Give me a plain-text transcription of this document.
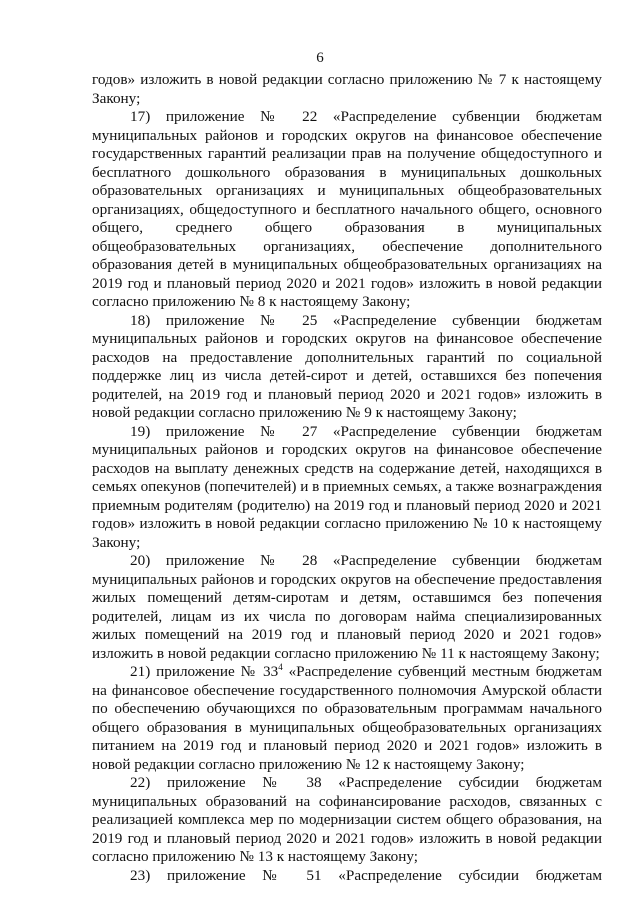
6

годов» изложить в новой редакции согласно приложению № 7 к настоящему Закону;

17) приложение № 22 «Распределение субвенции бюджетам муниципальных районов и городских округов на финансовое обеспечение государственных гарантий реализации прав на получение общедоступного и бесплатного дошкольного образования в муниципальных дошкольных образовательных организациях и муниципальных общеобразовательных организациях, общедоступного и бесплатного начального общего, основного общего, среднего общего образования в муниципальных общеобразовательных организациях, обеспечение дополнительного образования детей в муниципальных общеобразовательных организациях на 2019 год и плановый период 2020 и 2021 годов» изложить в новой редакции согласно приложению № 8 к настоящему Закону;

18) приложение № 25 «Распределение субвенции бюджетам муниципальных районов и городских округов на финансовое обеспечение расходов на предоставление дополнительных гарантий по социальной поддержке лиц из числа детей-сирот и детей, оставшихся без попечения родителей, на 2019 год и плановый период 2020 и 2021 годов» изложить в новой редакции согласно приложению № 9 к настоящему Закону;

19) приложение № 27 «Распределение субвенции бюджетам муниципальных районов и городских округов на финансовое обеспечение расходов на выплату денежных средств на содержание детей, находящихся в семьях опекунов (попечителей) и в приемных семьях, а также вознаграждения приемным родителям (родителю) на 2019 год и плановый период 2020 и 2021 годов» изложить в новой редакции согласно приложению № 10 к настоящему Закону;

20) приложение № 28 «Распределение субвенции бюджетам муниципальных районов и городских округов на обеспечение предоставления жилых помещений детям-сиротам и детям, оставшимся без попечения родителей, лицам из их числа по договорам найма специализированных жилых помещений на 2019 год и плановый период 2020 и 2021 годов» изложить в новой редакции согласно приложению № 11 к настоящему Закону;

21) приложение № $33^4$ «Распределение субвенций местным бюджетам на финансовое обеспечение государственного полномочия Амурской области по обеспечению обучающихся по образовательным программам начального общего образования в муниципальных общеобразовательных организациях питанием на 2019 год и плановый период 2020 и 2021 годов» изложить в новой редакции согласно приложению № 12 к настоящему Закону;

22) приложение № 38 «Распределение субсидии бюджетам муниципальных образований на софинансирование расходов, связанных с реализацией комплекса мер по модернизации систем общего образования, на 2019 год и плановый период 2020 и 2021 годов» изложить в новой редакции согласно приложению № 13 к настоящему Закону;

23) приложение № 51 «Распределение субсидии бюджетам
